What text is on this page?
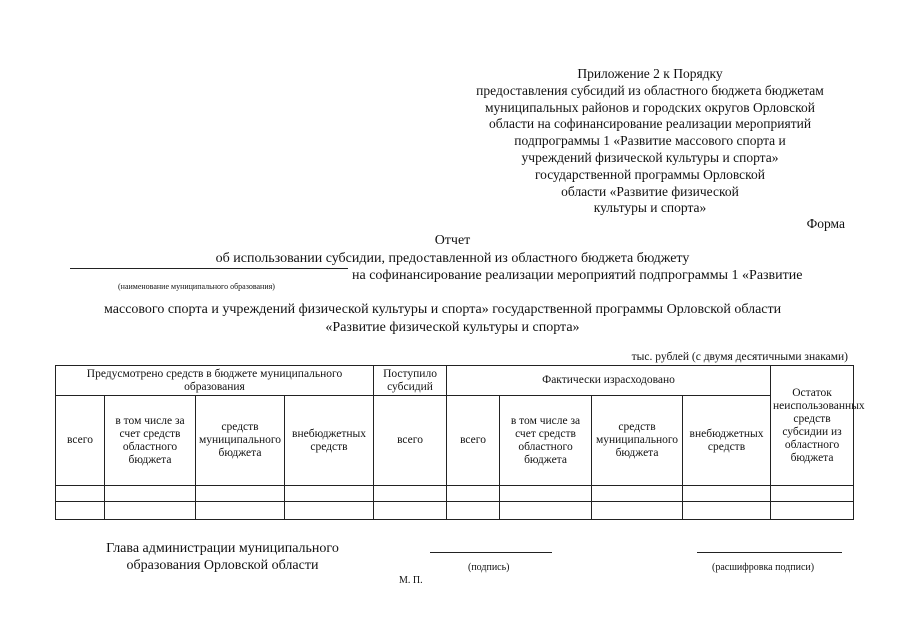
Приложение 2 к Порядку
предоставления субсидий из областного бюджета бюджетам
муниципальных районов и городских округов Орловской
области на софинансирование реализации мероприятий
подпрограммы 1 «Развитие массового спорта и
учреждений физической культуры и спорта»
государственной программы Орловской
области «Развитие физической
культуры и спорта»
Форма
Отчет
об использовании субсидии, предоставленной из областного бюджета бюджету
(наименование муниципального образования)
на софинансирование реализации мероприятий подпрограммы 1 «Развитие
массового спорта и учреждений физической культуры и спорта» государственной программы Орловской области
«Развитие физической культуры и спорта»
тыс. рублей (с двумя десятичными знаками)
Предусмотрено средств в бюджете муниципального образования				Поступило субсидий	Фактически израсходовано				Остаток неиспользованных средств субсидии из областного бюджета
всего	в том числе за счет средств областного бюджета	средств муниципального бюджета	внебюджетных средств	всего	всего	в том числе за счет средств областного бюджета	средств муниципального бюджета	внебюджетных средств	

Глава администрации муниципального
образования Орловской области	(подпись)	(расшифровка подписи)
М. П.
